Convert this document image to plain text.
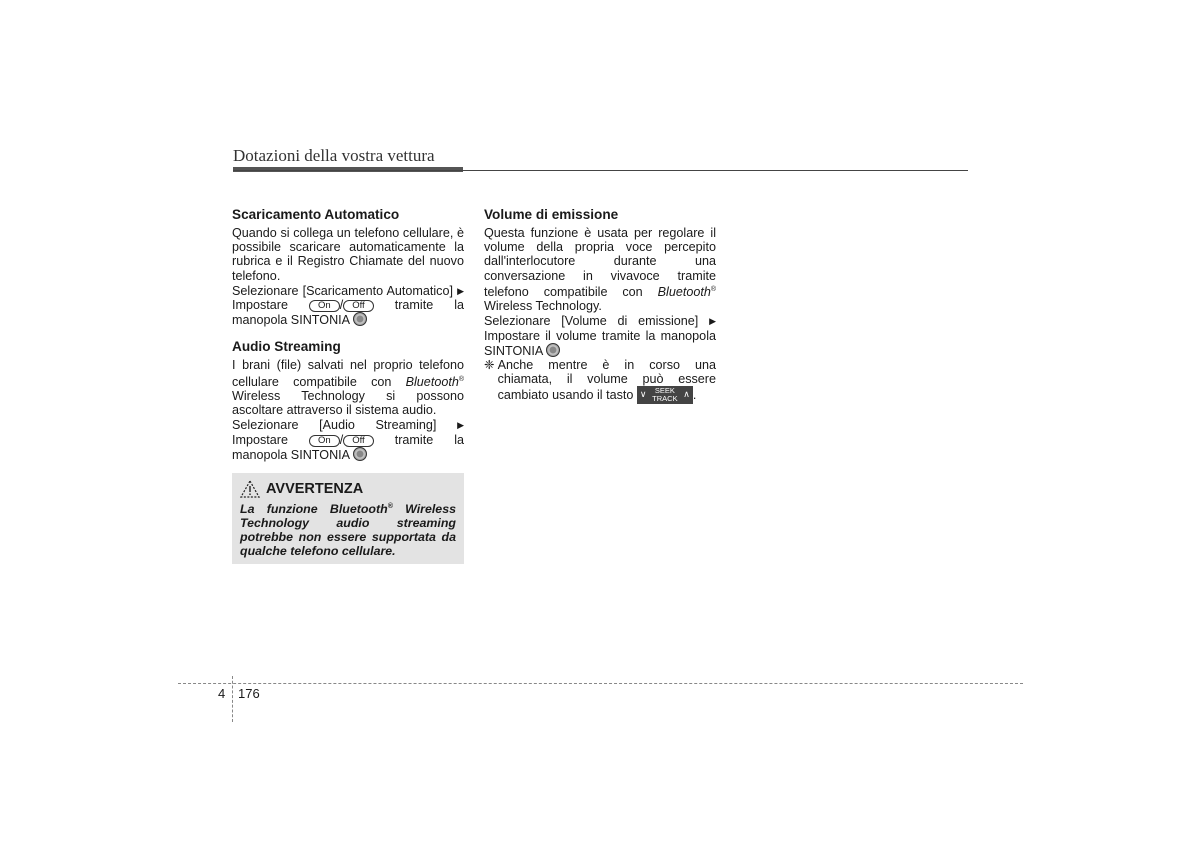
Dotazioni della vostra vettura
Scaricamento Automatico

Quando si collega un telefono cellulare, è possibile scaricare automaticamente la rubrica e il Registro Chiamate del nuovo telefono.

Selezionare [Scaricamento Automatico] ▶ Impostare	On / Off tramite la manopola SINTONIA

Audio Streaming

I brani (file) salvati nel proprio telefono cellulare compatibile con Bluetooth® Wireless Technology si possono ascoltare attraverso il sistema audio.

Selezionare [Audio Streaming] ▶ Impostare	On / Off tramite la manopola SINTONIA

AVVERTENZA
La funzione Bluetooth® Wireless Technology audio streaming potrebbe non essere supportata da qualche telefono cellulare.
Volume di emissione

Questa funzione è usata per regolare il volume della propria voce percepito dall'interlocutore durante una conversazione in vivavoce tramite telefono compatibile con Bluetooth® Wireless Technology.

Selezionare [Volume di emissione] ▶ Impostare il volume tramite la manopola SINTONIA

❈ Anche mentre è in corso una chiamata, il volume può essere cambiato usando il tasto ∨	SEEK
TRACK ∧ .

4 176
